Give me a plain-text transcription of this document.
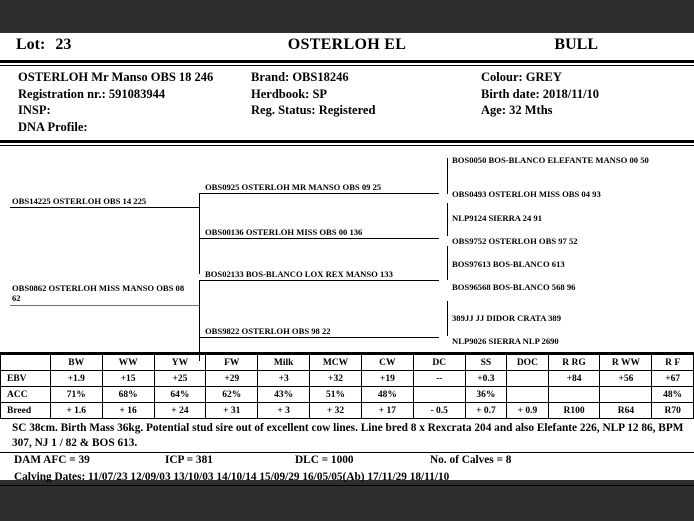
Lot: 23	OSTERLOH EL	BULL
OSTERLOH Mr Manso OBS 18 246
Registration nr.: 591083944
INSP:
DNA Profile:
Brand: OBS18246
Herdbook: SP
Reg. Status: Registered
Colour: GREY
Birth date: 2018/11/10
Age: 32 Mths
OBS14225 OSTERLOH OBS 14 225
OBS0862 OSTERLOH MISS MANSO OBS 08 62
OBS0925 OSTERLOH MR MANSO OBS 09 25
OBS00136 OSTERLOH MISS OBS 00 136
BOS02133 BOS-BLANCO LOX REX MANSO 133
OBS9822 OSTERLOH OBS 98 22
BOS0050 BOS-BLANCO ELEFANTE MANSO 00 50
OBS0493 OSTERLOH MISS OBS 04 93
NLP9124 SIERRA 24 91
OBS9752 OSTERLOH OBS 97 52
BOS97613 BOS-BLANCO 613
BOS96568 BOS-BLANCO 568 96
389JJ JJ DIDOR CRATA 389
NLP9026 SIERRA NLP 2690
	BW	WW	YW	FW	Milk	MCW	CW	DC	SS	DOC	R RG	R WW	R F
EBV	+1.9	+15	+25	+29	+3	+32	+19	--	+0.3		+84	+56	+67
ACC	71%	68%	64%	62%	43%	51%	48%		36%				48%
Breed	+ 1.6	+ 16	+ 24	+ 31	+ 3	+ 32	+ 17	- 0.5	+ 0.7	+ 0.9	R100	R64	R70
SC 38cm. Birth Mass 36kg. Potential stud sire out of excellent cow lines. Line bred 8 x Rexcrata 204 and also Elefante 226, NLP 12 86, BPM 307, NJ 1 / 82 & BOS 613.
DAM AFC = 39	ICP = 381	DLC = 1000	No. of Calves = 8
Calving Dates: 11/07/23 12/09/03 13/10/03 14/10/14 15/09/29 16/05/05(Ab) 17/11/29 18/11/10
